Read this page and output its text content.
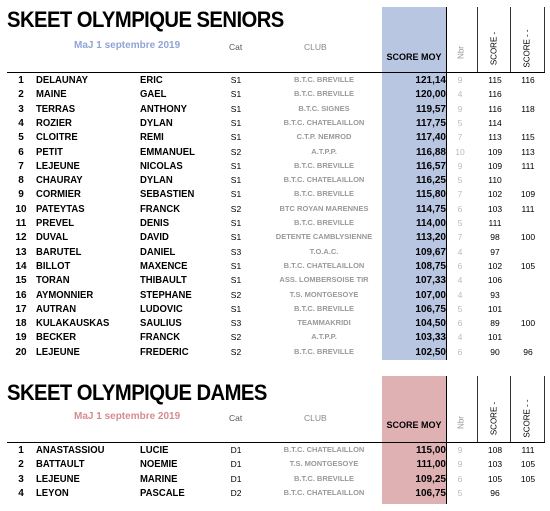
SKEET OLYMPIQUE SENIORS
MaJ 1 septembre 2019	Cat	CLUB
SCORE MOY	Nbr	SCORE -	SCORE - -
1	DELAUNAY	ERIC	S1	B.T.C. BREVILLE	121,14	9	115	116
2	MAINE	GAEL	S1	B.T.C. BREVILLE	120,00	4	116
3	TERRAS	ANTHONY	S1	B.T.C. SIGNES	119,57	9	116	118
4	ROZIER	DYLAN	S1	B.T.C. CHATELAILLON	117,75	5	114
5	CLOITRE	REMI	S1	C.T.P. NEMROD	117,40	7	113	115
6	PETIT	EMMANUEL	S2	A.T.P.P.	116,88	10	109	113
7	LEJEUNE	NICOLAS	S1	B.T.C. BREVILLE	116,57	9	109	111
8	CHAURAY	DYLAN	S1	B.T.C. CHATELAILLON	116,25	5	110
9	CORMIER	SEBASTIEN	S1	B.T.C. BREVILLE	115,80	7	102	109
10 PATEYTAS	FRANCK	S2	BTC ROYAN MARENNES	114,75	6	103	111
11 PREVEL	DENIS	S1	B.T.C. BREVILLE	114,00	5	111
12 DUVAL	DAVID	S1	DETENTE CAMBLYSIENNE	113,20	7	98	100
13 BARUTEL	DANIEL	S3	T.O.A.C.	109,67	4	97
14 BILLOT	MAXENCE	S1	B.T.C. CHATELAILLON	108,75	6	102	105
15 TORAN	THIBAULT	S1	ASS. LOMBERSOISE TIR	107,33	4	106
16 AYMONNIER	STEPHANE	S2	T.S. MONTGESOYE	107,00	4	93
17 AUTRAN	LUDOVIC	S1	B.T.C. BREVILLE	106,75	5	101
18 KULAKAUSKAS	SAULIUS	S3	TEAMMAKRIDI	104,50	6	89	100
19 BECKER	FRANCK	S2	A.T.P.P.	103,33	4	101
20 LEJEUNE	FREDERIC	S2	B.T.C. BREVILLE	102,50	6	90	96
SKEET OLYMPIQUE DAMES
MaJ 1 septembre 2019	Cat	CLUB
SCORE MOY	Nbr	SCORE -	SCORE - -
1	ANASTASSIOU	LUCIE	D1	B.T.C. CHATELAILLON	115,00	9	108	111
2	BATTAULT	NOEMIE	D1	T.S. MONTGESOYE	111,00	9	103	105
3	LEJEUNE	MARINE	D1	B.T.C. BREVILLE	109,25	6	105	105
4	LEYON	PASCALE	D2	B.T.C. CHATELAILLON	106,75	5	96
